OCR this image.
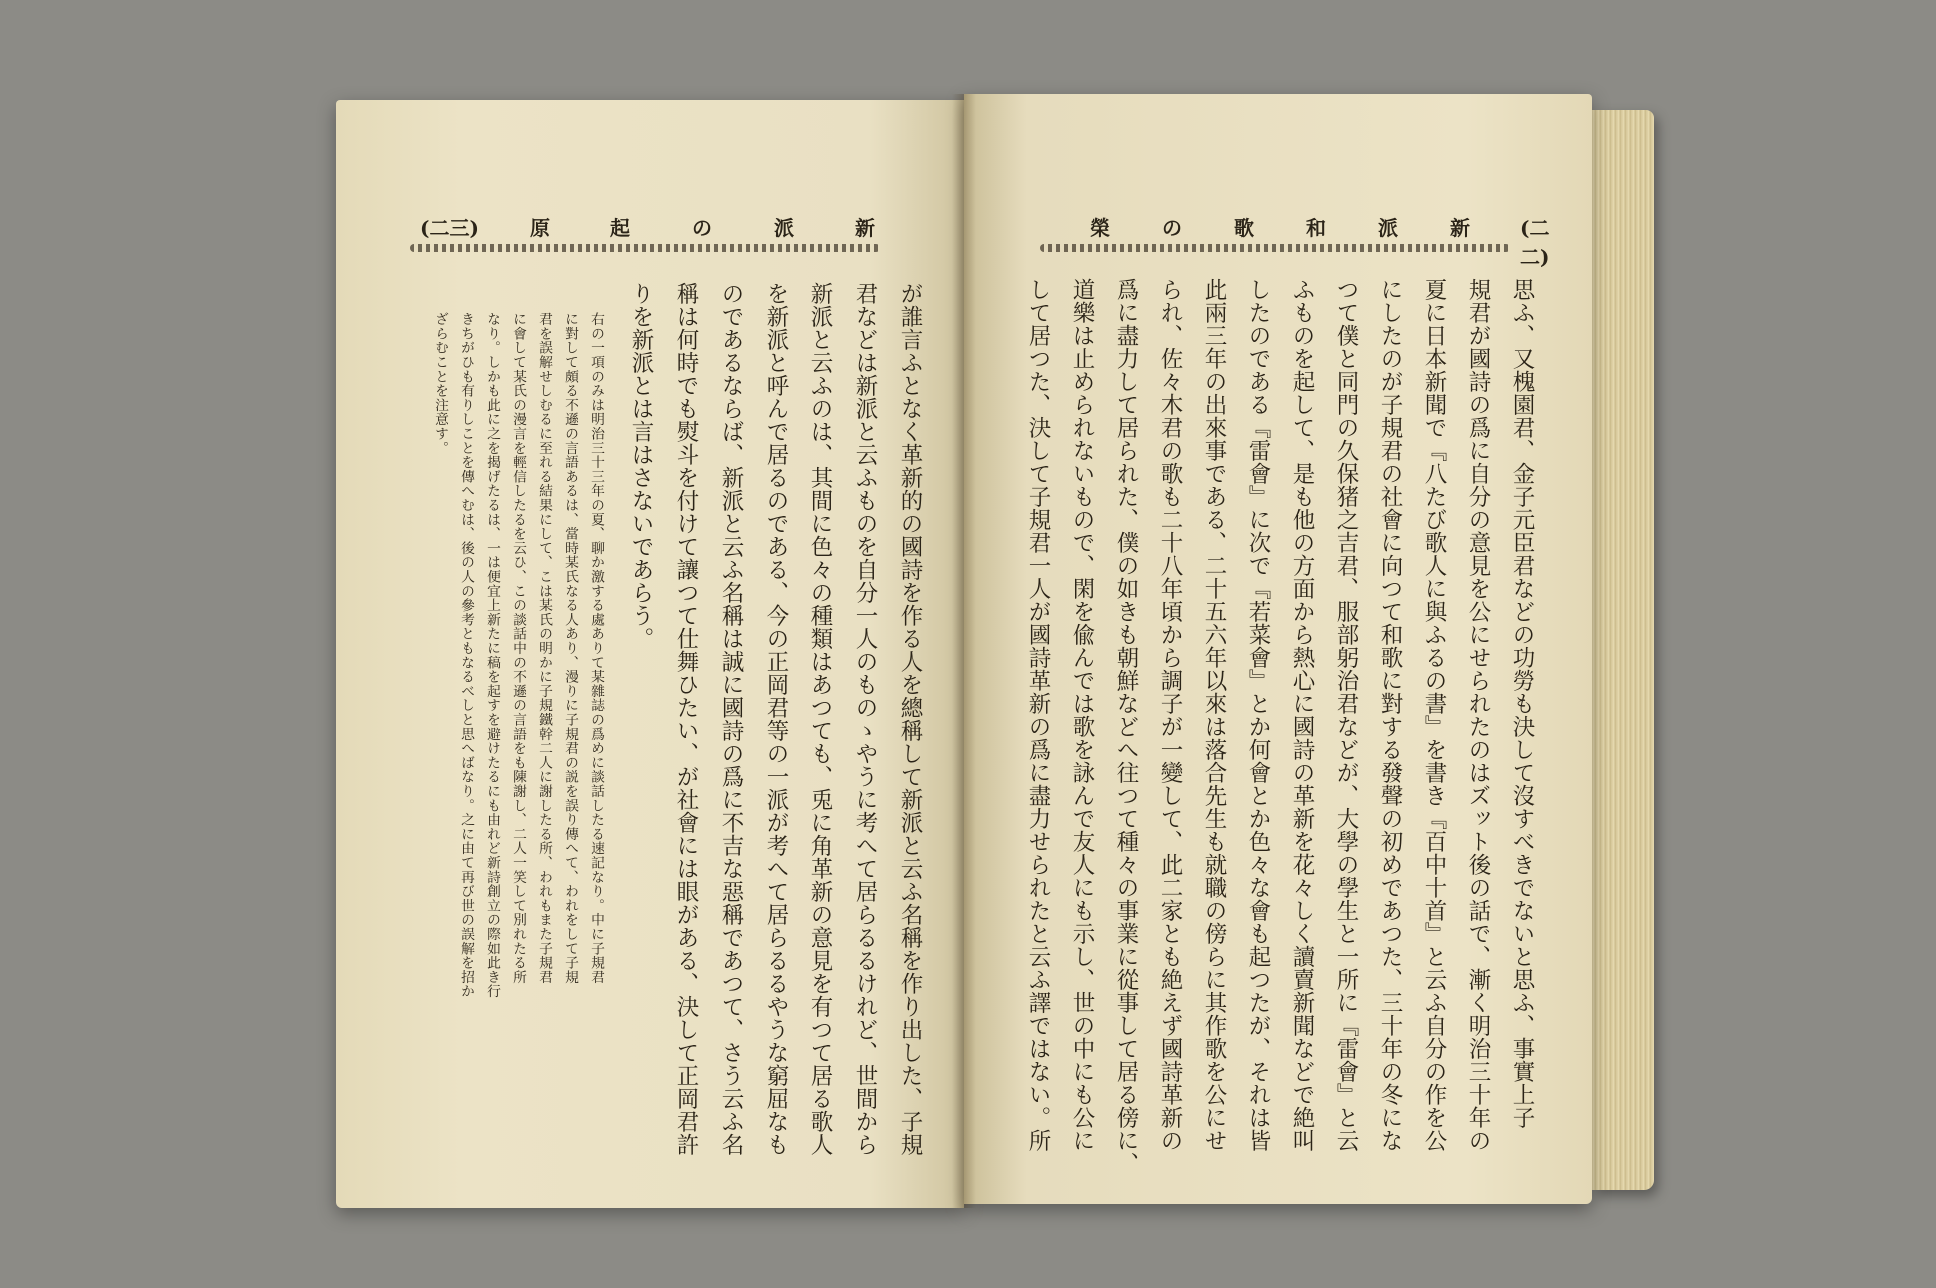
(二三)	原	起	の	派	新	榮	の	歌	和	派	新	(二二)
が誰言ふとなく革新的の國詩を作る人を總稱して新派と云ふ名稱を作り出した、子規
君などは新派と云ふものを自分一人のものゝやうに考へて居らるるけれど、世間から
新派と云ふのは、其間に色々の種類はあつても、兎に角革新の意見を有つて居る歌人
を新派と呼んで居るのである、今の正岡君等の一派が考へて居らるるやうな窮屈なも
のであるならば、新派と云ふ名稱は誠に國詩の爲に不吉な惡稱であつて、さう云ふ名
稱は何時でも熨斗を付けて讓つて仕舞ひたい、が社會には眼がある、決して正岡君許
りを新派とは言はさないであらう。
右の一項のみは明治三十三年の夏、聊か激する處ありて某雜誌の爲めに談話したる速記なり。中に子規君
に對して頗る不遜の言語あるは、當時某氏なる人あり、漫りに子規君の説を誤り傳へて、われをして子規
君を誤解せしむるに至れる結果にして、こは某氏の明かに子規鐵幹二人に謝したる所、われもまた子規君
に會して某氏の漫言を輕信したるを云ひ、この談話中の不遜の言語をも陳謝し、二人一笑して別れたる所
なり。しかも此に之を揭げたるは、一は便宜上新たに稿を起すを避けたるにも由れど新詩創立の際如此き行
きちがひも有りしことを傳へむは、後の人の參考ともなるべしと思へばなり。之に由て再び世の誤解を招か
ざらむことを注意す。	思ふ、又槐園君、金子元臣君などの功勞も決して沒すべきでないと思ふ、事實上子
規君が國詩の爲に自分の意見を公にせられたのはズット後の話で、漸く明治三十年の
夏に日本新聞で『八たび歌人に與ふるの書』を書き『百中十首』と云ふ自分の作を公
にしたのが子規君の社會に向つて和歌に對する發聲の初めであつた、三十年の冬にな
つて僕と同門の久保猪之吉君、服部躬治君などが、大學の學生と一所に『雷會』と云
ふものを起して、是も他の方面から熱心に國詩の革新を花々しく讀賣新聞などで絶叫
したのである『雷會』に次で『若菜會』とか何會とか色々な會も起つたが、それは皆
此兩三年の出來事である、二十五六年以來は落合先生も就職の傍らに其作歌を公にせ
られ、佐々木君の歌も二十八年頃から調子が一變して、此二家とも絶えず國詩革新の
爲に盡力して居られた、僕の如きも朝鮮などへ往つて種々の事業に從事して居る傍に、
道樂は止められないもので、閑を偸んでは歌を詠んで友人にも示し、世の中にも公に
して居つた、決して子規君一人が國詩革新の爲に盡力せられたと云ふ譯ではない。所
